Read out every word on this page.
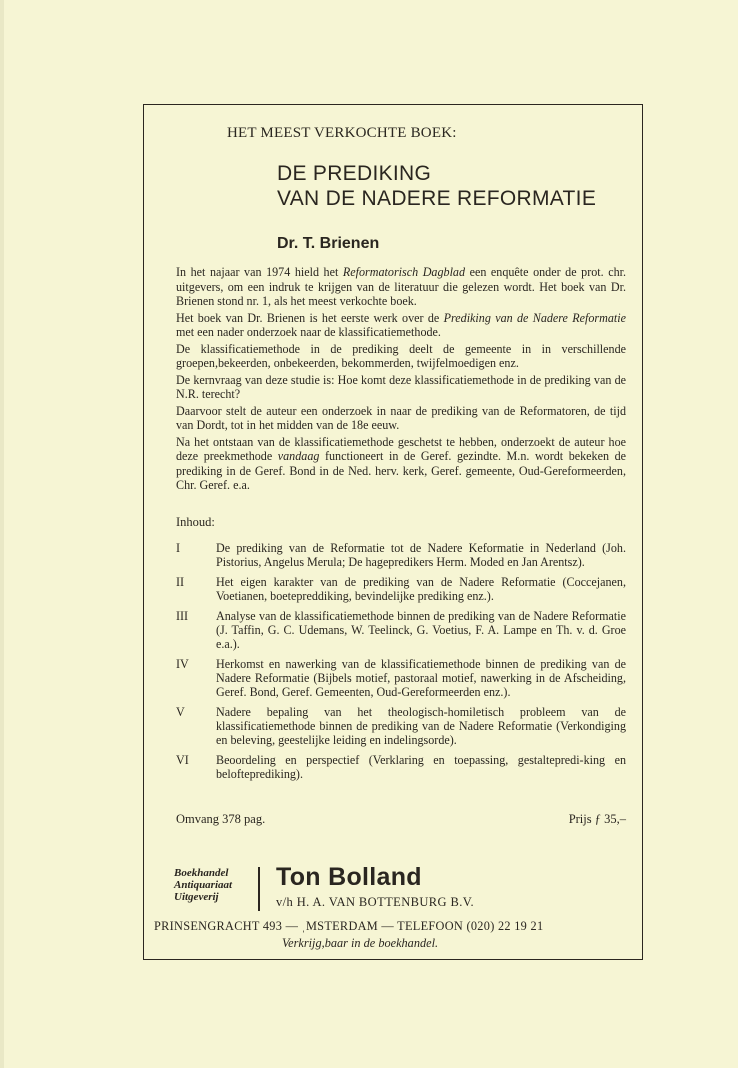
HET MEEST VERKOCHTE BOEK:
DE PREDIKING
VAN DE NADERE REFORMATIE
Dr. T. Brienen

In het najaar van 1974 hield het Reformatorisch Dagblad een enquête onder de prot. chr. uitgevers, om een indruk te krijgen van de literatuur die gelezen wordt. Het boek van Dr. Brienen stond nr. 1, als het meest verkochte boek.

Het boek van Dr. Brienen is het eerste werk over de Prediking van de Nadere Reformatie met een nader onderzoek naar de klassificatiemethode.

De klassificatiemethode in de prediking deelt de gemeente in in verschillende groepen,bekeerden, onbekeerden, bekommerden, twijfelmoedigen enz.

De kernvraag van deze studie is: Hoe komt deze klassificatiemethode in de prediking van de N.R. terecht?

Daarvoor stelt de auteur een onderzoek in naar de prediking van de Reformatoren, de tijd van Dordt, tot in het midden van de 18e eeuw.

Na het ontstaan van de klassificatiemethode geschetst te hebben, onderzoekt de auteur hoe deze preekmethode vandaag functioneert in de Geref. gezindte. M.n. wordt bekeken de prediking in de Geref. Bond in de Ned. herv. kerk, Geref. gemeente, Oud-Gereformeerden, Chr. Geref. e.a.

Inhoud:
I	De prediking van de Reformatie tot de Nadere Keformatie in Nederland (Joh. Pistorius, Angelus Merula; De hagepredikers Herm. Moded en Jan Arentsz).
II	Het eigen karakter van de prediking van de Nadere Reformatie (Coccejanen, Voetianen, boetepreddiking, bevindelijke prediking enz.).
III	Analyse van de klassificatiemethode binnen de prediking van de Nadere Reformatie (J. Taffin, G. C. Udemans, W. Teelinck, G. Voetius, F. A. Lampe en Th. v. d. Groe e.a.).
IV	Herkomst en nawerking van de klassificatiemethode binnen de prediking van de Nadere Reformatie (Bijbels motief, pastoraal motief, nawerking in de Afscheiding, Geref. Bond, Geref. Gemeenten, Oud-Gereformeerden enz.).
V	Nadere bepaling van het theologisch-homiletisch probleem van de klassificatiemethode binnen de prediking van de Nadere Reformatie (Verkondiging en beleving, geestelijke leiding en indelingsorde).
VI	Beoordeling en perspectief (Verklaring en toepassing, gestaltepredi-king en belofteprediking).
Omvang 378 pag.	Prijs ƒ 35,–
Boekhandel
Antiquariaat
Uitgeverij
Ton Bolland
v/h H. A. VAN BOTTENBURG B.V.
PRINSENGRACHT 493 — ˌMSTERDAM — TELEFOON (020) 22 19 21
Verkrijg,baar in de boekhandel.
